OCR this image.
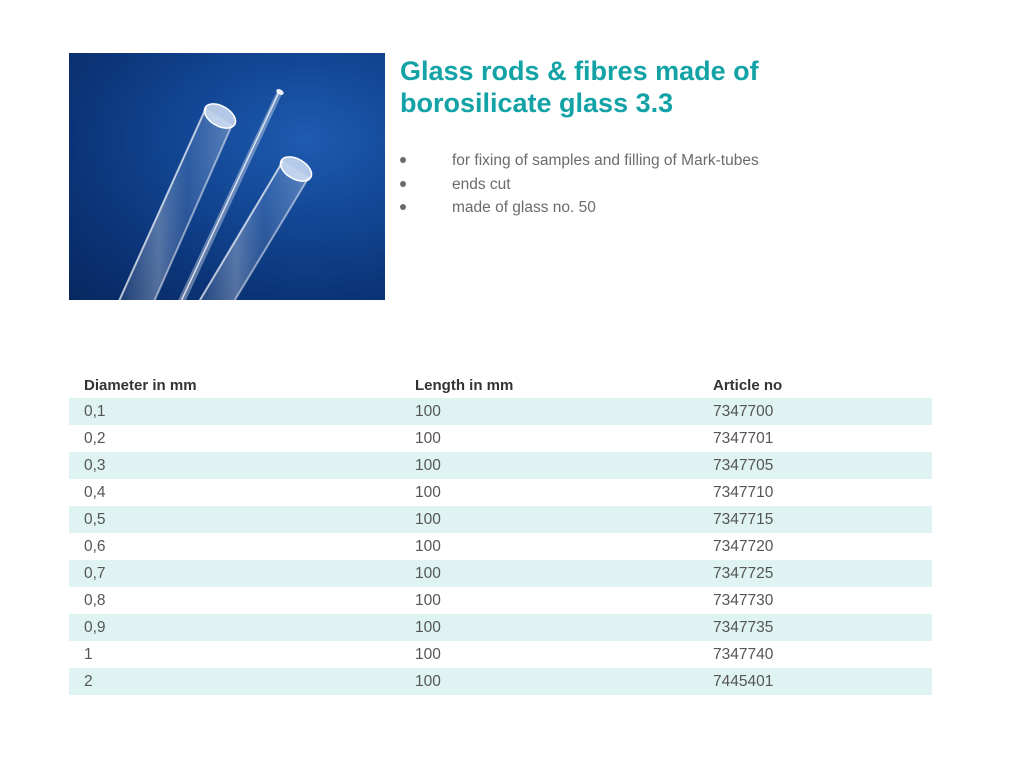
Glass rods & fibres made of
borosilicate glass 3.3
for fixing of samples and filling of Mark-tubes
ends cut
made of glass no. 50
Diameter in mm	Length in mm	Article no
0,1	100	7347700
0,2	100	7347701
0,3	100	7347705
0,4	100	7347710
0,5	100	7347715
0,6	100	7347720
0,7	100	7347725
0,8	100	7347730
0,9	100	7347735
1	100	7347740
2	100	7445401
